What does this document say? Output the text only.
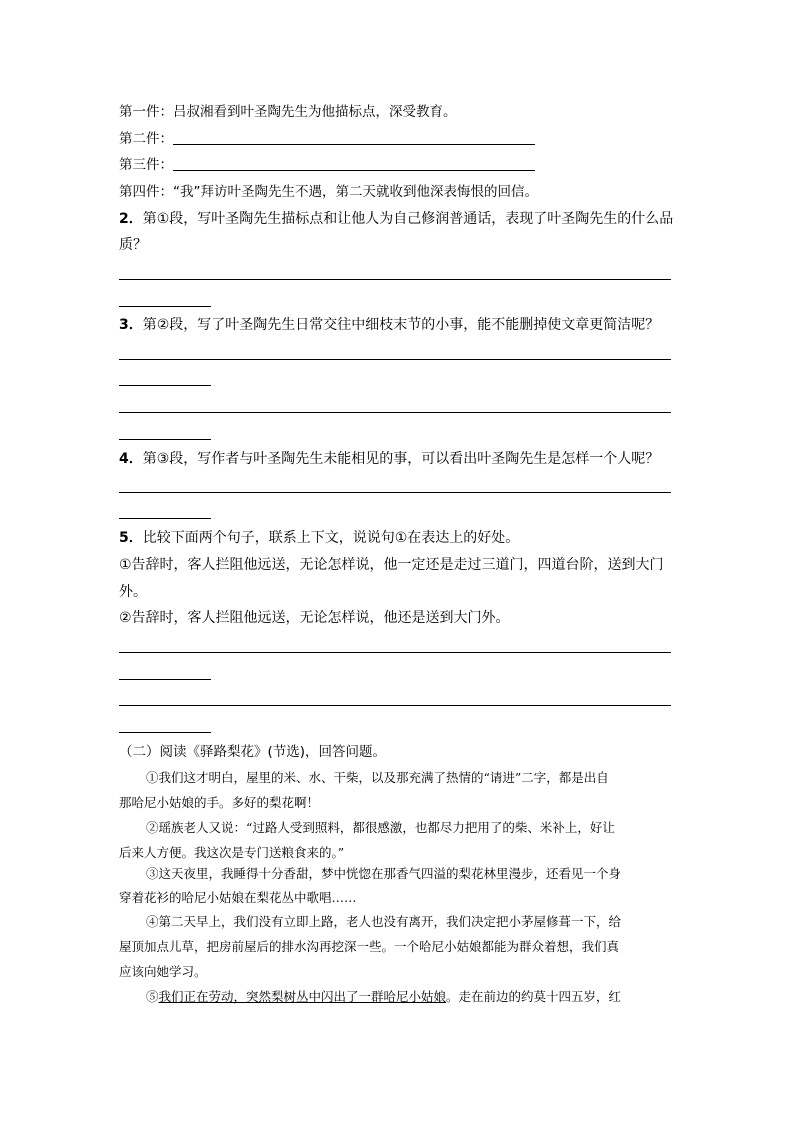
第一件：吕叔湘看到叶圣陶先生为他描标点，深受教育。
第二件：
第三件：
第四件：“我”拜访叶圣陶先生不遇，第二天就收到他深表悔恨的回信。
2．第①段，写叶圣陶先生描标点和让他人为自己修润普通话，表现了叶圣陶先生的什么品
质？
3．第②段，写了叶圣陶先生日常交往中细枝末节的小事，能不能删掉使文章更简洁呢？
4．第③段，写作者与叶圣陶先生未能相见的事，可以看出叶圣陶先生是怎样一个人呢？
5．比较下面两个句子，联系上下文，说说句①在表达上的好处。
①告辞时，客人拦阻他远送，无论怎样说，他一定还是走过三道门，四道台阶，送到大门
外。
②告辞时，客人拦阻他远送，无论怎样说，他还是送到大门外。
（二）阅读《驿路梨花》(节选)，回答问题。
①我们这才明白，屋里的米、水、干柴，以及那充满了热情的“请进”二字，都是出自
那哈尼小姑娘的手。多好的梨花啊！
②瑶族老人又说：“过路人受到照料，都很感激，也都尽力把用了的柴、米补上，好让
后来人方便。我这次是专门送粮食来的。”
③这天夜里，我睡得十分香甜，梦中恍惚在那香气四溢的梨花林里漫步，还看见一个身
穿着花衫的哈尼小姑娘在梨花丛中歌唱……
④第二天早上，我们没有立即上路，老人也没有离开，我们决定把小茅屋修葺一下，给
屋顶加点儿草，把房前屋后的排水沟再挖深一些。一个哈尼小姑娘都能为群众着想，我们真
应该向她学习。
⑤我们正在劳动，突然梨树丛中闪出了一群哈尼小姑娘。走在前边的约莫十四五岁，红
